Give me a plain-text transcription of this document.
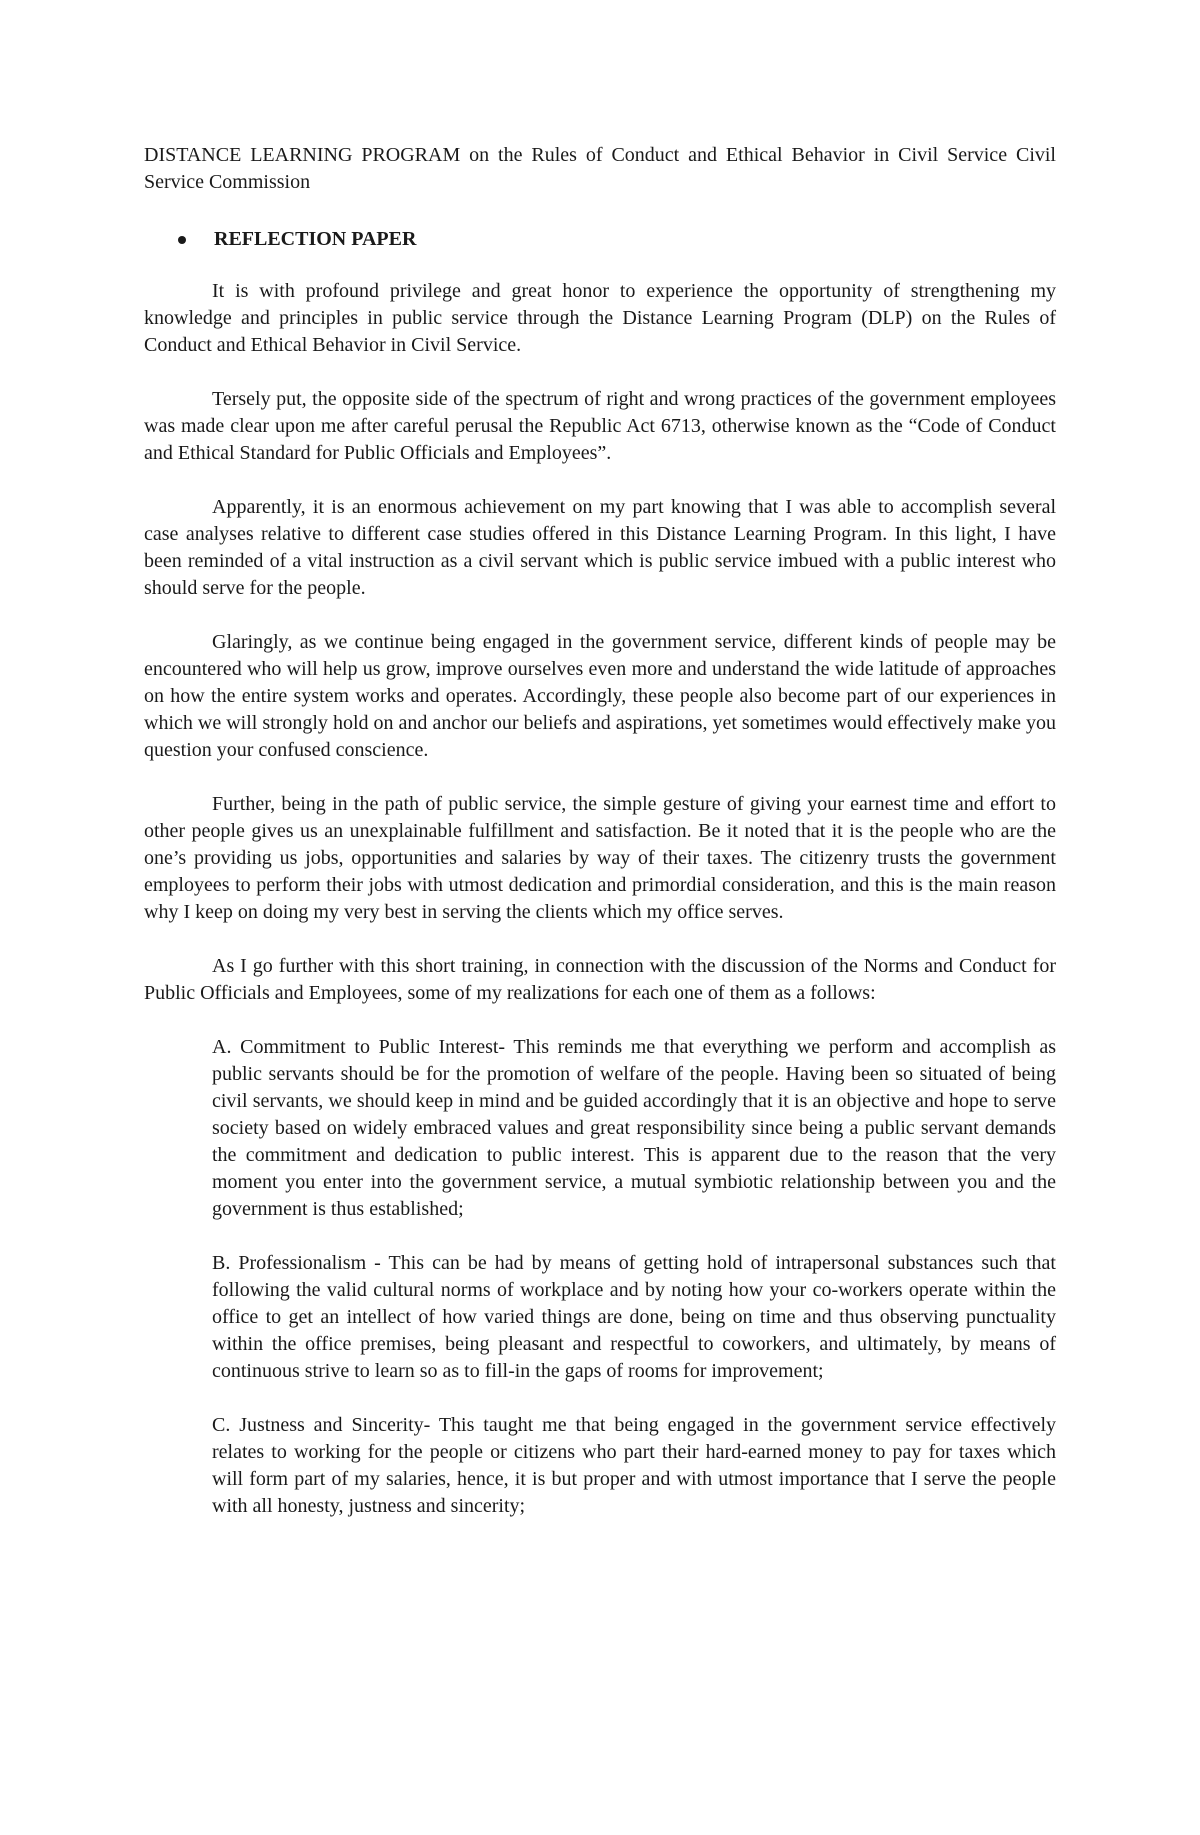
DISTANCE LEARNING PROGRAM on the Rules of Conduct and Ethical Behavior in Civil Service Civil Service Commission
REFLECTION PAPER

It is with profound privilege and great honor to experience the opportunity of strengthening my knowledge and principles in public service through the Distance Learning Program (DLP) on the Rules of Conduct and Ethical Behavior in Civil Service.

Tersely put, the opposite side of the spectrum of right and wrong practices of the government employees was made clear upon me after careful perusal the Republic Act 6713, otherwise known as the “Code of Conduct and Ethical Standard for Public Officials and Employees”.

Apparently, it is an enormous achievement on my part knowing that I was able to accomplish several case analyses relative to different case studies offered in this Distance Learning Program. In this light, I have been reminded of a vital instruction as a civil servant which is public service imbued with a public interest who should serve for the people.

Glaringly, as we continue being engaged in the government service, different kinds of people may be encountered who will help us grow, improve ourselves even more and understand the wide latitude of approaches on how the entire system works and operates. Accordingly, these people also become part of our experiences in which we will strongly hold on and anchor our beliefs and aspirations, yet sometimes would effectively make you question your confused conscience.

Further, being in the path of public service, the simple gesture of giving your earnest time and effort to other people gives us an unexplainable fulfillment and satisfaction. Be it noted that it is the people who are the one’s providing us jobs, opportunities and salaries by way of their taxes. The citizenry trusts the government employees to perform their jobs with utmost dedication and primordial consideration, and this is the main reason why I keep on doing my very best in serving the clients which my office serves.

As I go further with this short training, in connection with the discussion of the Norms and Conduct for Public Officials and Employees, some of my realizations for each one of them as a follows:

A. Commitment to Public Interest- This reminds me that everything we perform and accomplish as public servants should be for the promotion of welfare of the people. Having been so situated of being civil servants, we should keep in mind and be guided accordingly that it is an objective and hope to serve society based on widely embraced values and great responsibility since being a public servant demands the commitment and dedication to public interest. This is apparent due to the reason that the very moment you enter into the government service, a mutual symbiotic relationship between you and the government is thus established;
B. Professionalism - This can be had by means of getting hold of intrapersonal substances such that following the valid cultural norms of workplace and by noting how your co-workers operate within the office to get an intellect of how varied things are done, being on time and thus observing punctuality within the office premises, being pleasant and respectful to coworkers, and ultimately, by means of continuous strive to learn so as to fill-in the gaps of rooms for improvement;
C. Justness and Sincerity- This taught me that being engaged in the government service effectively relates to working for the people or citizens who part their hard-earned money to pay for taxes which will form part of my salaries, hence, it is but proper and with utmost importance that I serve the people with all honesty, justness and sincerity;
